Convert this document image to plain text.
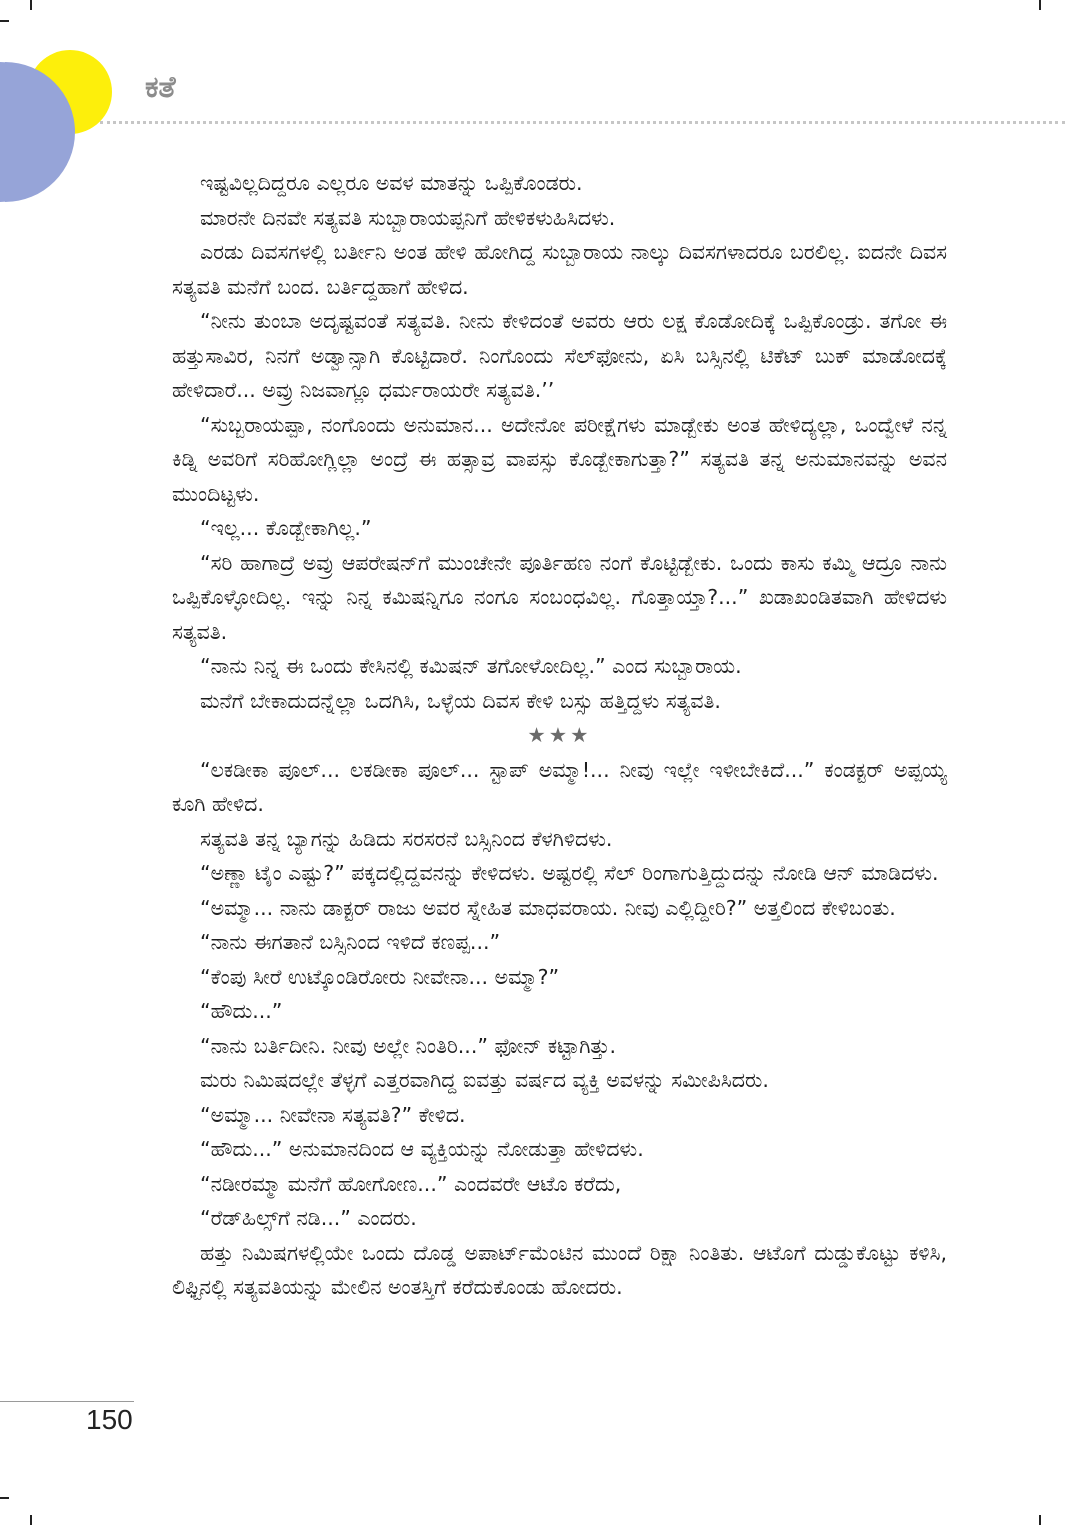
ಕತೆ

ಇಷ್ಟವಿಲ್ಲದಿದ್ದರೂ ಎಲ್ಲರೂ ಅವಳ ಮಾತನ್ನು ಒಪ್ಪಿಕೊಂಡರು.

ಮಾರನೇ ದಿನವೇ ಸತ್ಯವತಿ ಸುಬ್ಬಾರಾಯಪ್ಪನಿಗೆ ಹೇಳಿಕಳುಹಿಸಿದಳು.

ಎರಡು ದಿವಸಗಳಲ್ಲಿ ಬರ್ತೀನಿ ಅಂತ ಹೇಳಿ ಹೋಗಿದ್ದ ಸುಬ್ಬಾರಾಯ ನಾಲ್ಕು ದಿವಸಗಳಾದರೂ ಬರಲಿಲ್ಲ. ಐದನೇ ದಿವಸ ಸತ್ಯವತಿ ಮನೆಗೆ ಬಂದ. ಬರ್ತಿದ್ದಹಾಗೆ ಹೇಳಿದ.

“ನೀನು ತುಂಬಾ ಅದೃಷ್ಟವಂತೆ ಸತ್ಯವತಿ. ನೀನು ಕೇಳಿದಂತೆ ಅವರು ಆರು ಲಕ್ಷ ಕೊಡೋದಿಕ್ಕೆ ಒಪ್ಪಿಕೊಂಡ್ರು. ತಗೋ ಈ ಹತ್ತುಸಾವಿರ, ನಿನಗೆ ಅಡ್ವಾನ್ಸಾಗಿ ಕೊಟ್ಟಿದಾರೆ. ನಿಂಗೊಂದು ಸೆಲ್‌ಫೋನು, ಏಸಿ ಬಸ್ಸಿನಲ್ಲಿ ಟಿಕೆಟ್ ಬುಕ್ ಮಾಡೋದಕ್ಕೆ ಹೇಳಿದಾರೆ... ಅವ್ರು ನಿಜವಾಗ್ಲೂ ಧರ್ಮರಾಯರೇ ಸತ್ಯವತಿ.’’

“ಸುಬ್ಬರಾಯಪ್ಪಾ, ನಂಗೊಂದು ಅನುಮಾನ... ಅದೇನೋ ಪರೀಕ್ಷೆಗಳು ಮಾಡ್ಬೇಕು ಅಂತ ಹೇಳಿದ್ಯಲ್ಲಾ, ಒಂದ್ವೇಳೆ ನನ್ನ ಕಿಡ್ನಿ ಅವರಿಗೆ ಸರಿಹೋಗ್ಲಿಲ್ಲಾ ಅಂದ್ರೆ ಈ ಹತ್ಸಾವ್ರ ವಾಪಸ್ಸು ಕೊಡ್ಬೇಕಾಗುತ್ತಾ?” ಸತ್ಯವತಿ ತನ್ನ ಅನುಮಾನವನ್ನು ಅವನ ಮುಂದಿಟ್ಟಳು.

“ಇಲ್ಲ... ಕೊಡ್ಬೇಕಾಗಿಲ್ಲ.”

“ಸರಿ ಹಾಗಾದ್ರೆ ಅವ್ರು ಆಪರೇಷನ್‌ಗೆ ಮುಂಚೇನೇ ಪೂರ್ತಿಹಣ ನಂಗೆ ಕೊಟ್ಟಿಡ್ಬೇಕು. ಒಂದು ಕಾಸು ಕಮ್ಮಿ ಆದ್ರೂ ನಾನು ಒಪ್ಪಿಕೊಳ್ಳೋದಿಲ್ಲ. ಇನ್ನು ನಿನ್ನ ಕಮಿಷನ್ನಿಗೂ ನಂಗೂ ಸಂಬಂಧವಿಲ್ಲ. ಗೊತ್ತಾಯ್ತಾ?...” ಖಡಾಖಂಡಿತವಾಗಿ ಹೇಳಿದಳು ಸತ್ಯವತಿ.

“ನಾನು ನಿನ್ನ ಈ ಒಂದು ಕೇಸಿನಲ್ಲಿ ಕಮಿಷನ್ ತಗೋಳೋದಿಲ್ಲ.” ಎಂದ ಸುಬ್ಬಾರಾಯ.

ಮನೆಗೆ ಬೇಕಾದುದನ್ನೆಲ್ಲಾ ಒದಗಿಸಿ, ಒಳ್ಳೆಯ ದಿವಸ ಕೇಳಿ ಬಸ್ಸು ಹತ್ತಿದ್ದಳು ಸತ್ಯವತಿ.

★★★

“ಲಕಡೀಕಾ ಪೂಲ್... ಲಕಡೀಕಾ ಪೂಲ್... ಸ್ಟಾಪ್ ಅಮ್ಮಾ!... ನೀವು ಇಲ್ಲೇ ಇಳೀಬೇಕಿದೆ...” ಕಂಡಕ್ಟರ್ ಅಪ್ಪಯ್ಯ ಕೂಗಿ ಹೇಳಿದ.

ಸತ್ಯವತಿ ತನ್ನ ಬ್ಯಾಗನ್ನು ಹಿಡಿದು ಸರಸರನೆ ಬಸ್ಸಿನಿಂದ ಕೆಳಗಿಳಿದಳು.

“ಅಣ್ಣಾ ಟೈಂ ಎಷ್ಟು?” ಪಕ್ಕದಲ್ಲಿದ್ದವನನ್ನು ಕೇಳಿದಳು. ಅಷ್ಟರಲ್ಲಿ ಸೆಲ್ ರಿಂಗಾಗುತ್ತಿದ್ದುದನ್ನು ನೋಡಿ ಆನ್ ಮಾಡಿದಳು.

“ಅಮ್ಮಾ... ನಾನು ಡಾಕ್ಟರ್ ರಾಜು ಅವರ ಸ್ನೇಹಿತ ಮಾಧವರಾಯ. ನೀವು ಎಲ್ಲಿದ್ದೀರಿ?” ಅತ್ತಲಿಂದ ಕೇಳಿಬಂತು.

“ನಾನು ಈಗತಾನೆ ಬಸ್ಸಿನಿಂದ ಇಳಿದೆ ಕಣಪ್ಪ...”

“ಕೆಂಪು ಸೀರೆ ಉಟ್ಕೊಂಡಿರೋರು ನೀವೇನಾ... ಅಮ್ಮಾ?”

“ಹೌದು...”

“ನಾನು ಬರ್ತಿದೀನಿ. ನೀವು ಅಲ್ಲೇ ನಿಂತಿರಿ...” ಫೋನ್ ಕಟ್ಟಾಗಿತ್ತು.

ಮರು ನಿಮಿಷದಲ್ಲೇ ತೆಳ್ಳಗೆ ಎತ್ತರವಾಗಿದ್ದ ಐವತ್ತು ವರ್ಷದ ವ್ಯಕ್ತಿ ಅವಳನ್ನು ಸಮೀಪಿಸಿದರು.

“ಅಮ್ಮಾ... ನೀವೇನಾ ಸತ್ಯವತಿ?” ಕೇಳಿದ.

“ಹೌದು...” ಅನುಮಾನದಿಂದ ಆ ವ್ಯಕ್ತಿಯನ್ನು ನೋಡುತ್ತಾ ಹೇಳಿದಳು.

“ನಡೀರಮ್ಮಾ ಮನೆಗೆ ಹೋಗೋಣ...” ಎಂದವರೇ ಆಟೊ ಕರೆದು,

“ರೆಡ್‌ಹಿಲ್ಸ್‌ಗೆ ನಡಿ...” ಎಂದರು.

ಹತ್ತು ನಿಮಿಷಗಳಲ್ಲಿಯೇ ಒಂದು ದೊಡ್ಡ ಅಪಾರ್ಟ್‌ಮೆಂಟಿನ ಮುಂದೆ ರಿಕ್ಷಾ ನಿಂತಿತು. ಆಟೊಗೆ ದುಡ್ಡುಕೊಟ್ಟು ಕಳಿಸಿ, ಲಿಫ್ಟಿನಲ್ಲಿ ಸತ್ಯವತಿಯನ್ನು ಮೇಲಿನ ಅಂತಸ್ತಿಗೆ ಕರೆದುಕೊಂಡು ಹೋದರು.

150
